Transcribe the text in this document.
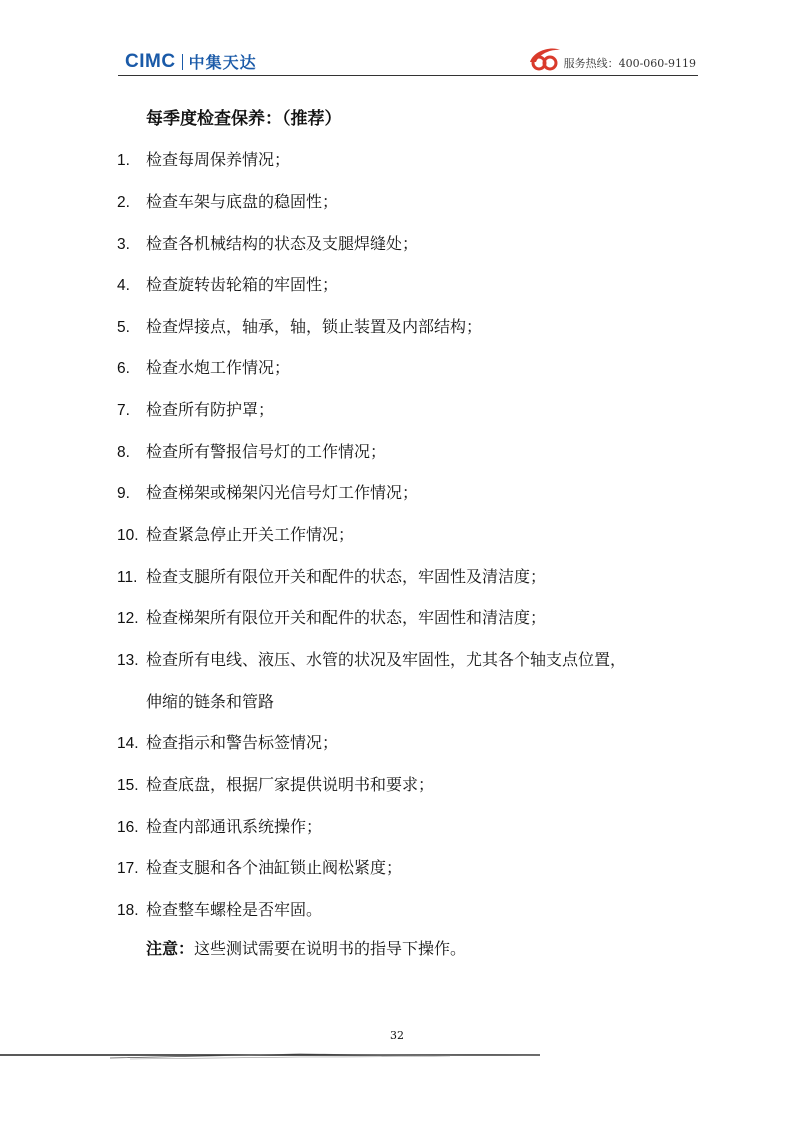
CIMC 中集天达	服务热线：400-060-9119
每季度检查保养：（推荐）
1. 检查每周保养情况；
2. 检查车架与底盘的稳固性；
3. 检查各机械结构的状态及支腿焊缝处；
4. 检查旋转齿轮箱的牢固性；
5. 检查焊接点，轴承，轴，锁止装置及内部结构；
6. 检查水炮工作情况；
7. 检查所有防护罩；
8. 检查所有警报信号灯的工作情况；
9. 检查梯架或梯架闪光信号灯工作情况；
10. 检查紧急停止开关工作情况；
11. 检查支腿所有限位开关和配件的状态，牢固性及清洁度；
12. 检查梯架所有限位开关和配件的状态，牢固性和清洁度；
13. 检查所有电线、液压、水管的状况及牢固性，尤其各个轴支点位置，
伸缩的链条和管路
14. 检查指示和警告标签情况；
15. 检查底盘，根据厂家提供说明书和要求；
16. 检查内部通讯系统操作；
17. 检查支腿和各个油缸锁止阀松紧度；
18. 检查整车螺栓是否牢固。
注意：这些测试需要在说明书的指导下操作。
32
